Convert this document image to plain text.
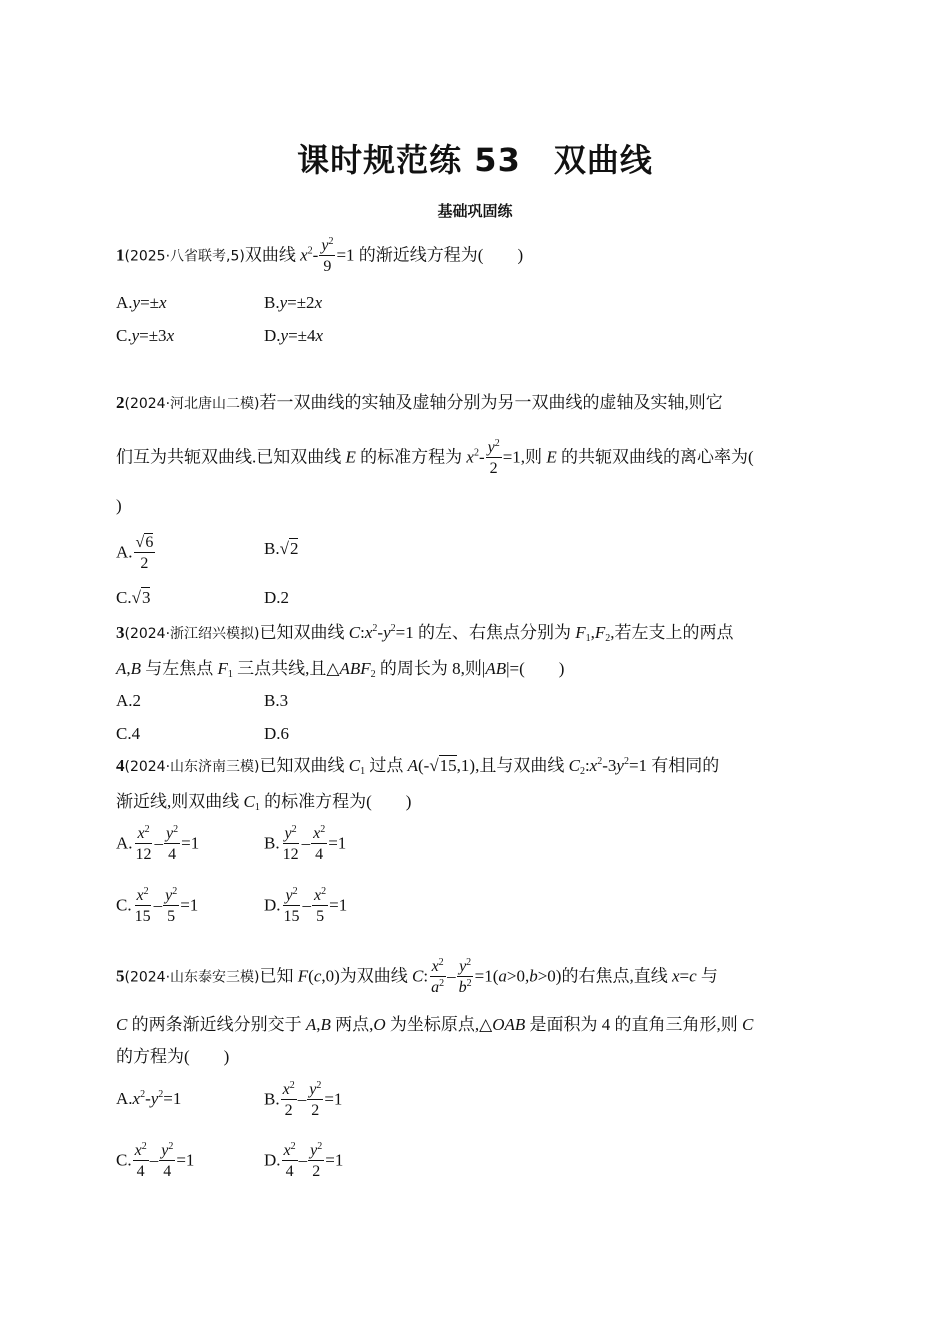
课时规范练 53　双曲线
基础巩固练
1(2025·八省联考,5)双曲线 $x^2- \frac{y^2}{9} =1$ 的渐近线方程为( )
A.y=±x	B.y=±2x
C.y=±3x	D.y=±4x
2(2024·河北唐山二模)若一双曲线的实轴及虚轴分别为另一双曲线的虚轴及实轴,则它
们互为共轭双曲线.已知双曲线 E 的标准方程为 $x^2- \frac{y^2}{2} =1$,则 E 的共轭双曲线的离心率为(
)
A. $\frac{√6}{2}$	B.√2
C.√3	D.2
3(2024·浙江绍兴模拟)已知双曲线 $C:x^2-y^2=1$ 的左、右焦点分别为 $F_1,F_2$,若左支上的两点
A,B 与左焦点 $F_1$ 三点共线,且$\triangle ABF_2$ 的周长为 8,则|AB|=( )
A.2	B.3
C.4	D.6
4(2024·山东济南三模)已知双曲线 $C_1$ 过点 A(-√15,1),且与双曲线 $C_2:x^2-3y^2=1$ 有相同的
渐近线,则双曲线 $C_1$ 的标准方程为( )
A. $\frac{x^2}{12} - \frac{y^2}{4} =1$	B. $\frac{y^2}{12} - \frac{x^2}{4} =1$
C. $\frac{x^2}{15} - \frac{y^2}{5} =1$	D. $\frac{y^2}{15} - \frac{x^2}{5} =1$
5(2024·山东泰安三模)已知 F(c,0)为双曲线 C: $\frac{x^2}{a^2} - \frac{y^2}{b^2} =1(a>0,b>0)$的右焦点,直线 x=c 与
C 的两条渐近线分别交于 A,B 两点,O 为坐标原点,△OAB 是面积为 4 的直角三角形,则 C
的方程为( )
$A.x^2-y^2=1$	B. $\frac{x^2}{2} - \frac{y^2}{2} =1$
C. $\frac{x^2}{4} - \frac{y^2}{4} =1$	D. $\frac{x^2}{4} - \frac{y^2}{2} =1$
